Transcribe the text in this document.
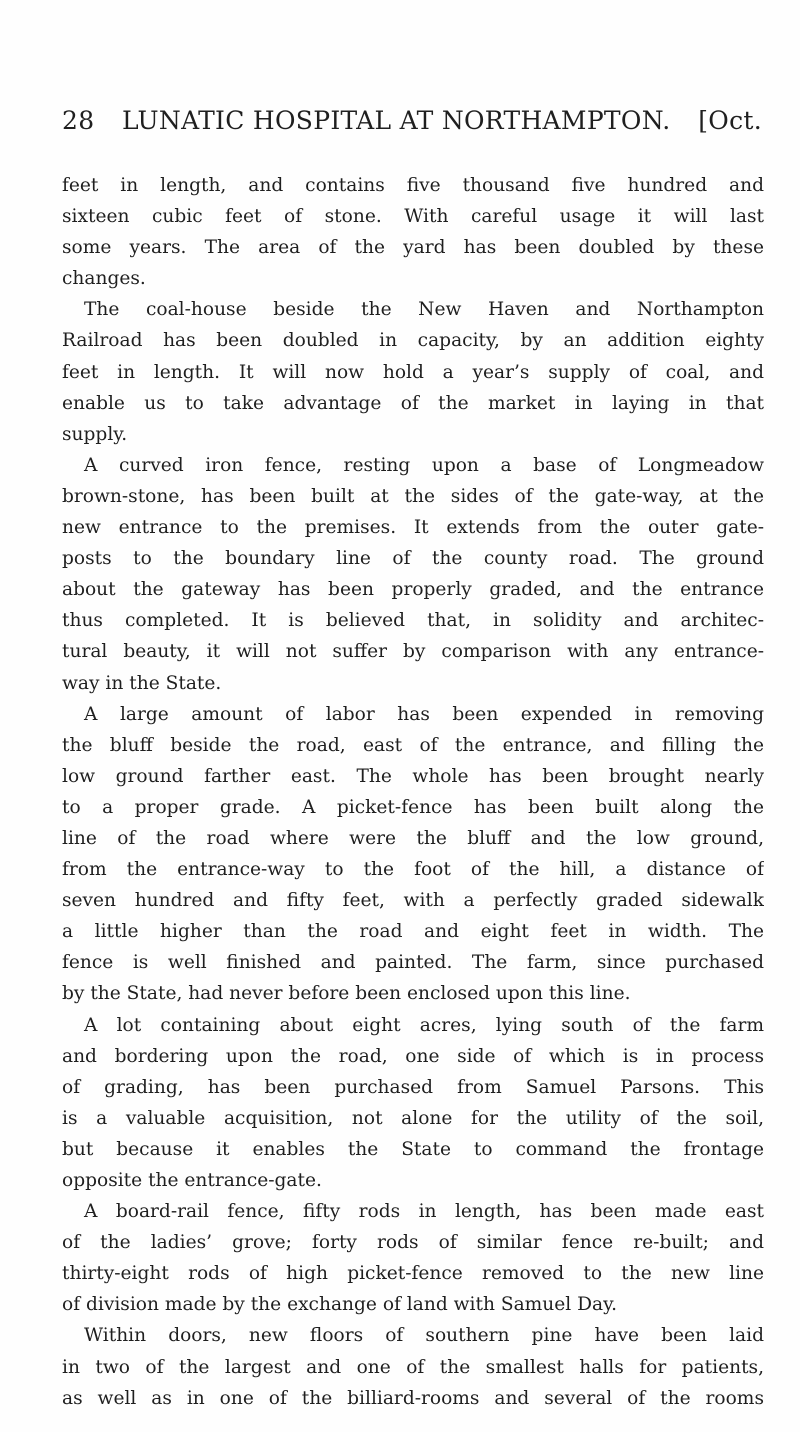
28 LUNATIC HOSPITAL AT NORTHAMPTON. [Oct.
feet in length, and contains five thousand five hundred and
sixteen cubic feet of stone. With careful usage it will last
some years. The area of the yard has been doubled by these
changes.
The coal-house beside the New Haven and Northampton
Railroad has been doubled in capacity, by an addition eighty
feet in length. It will now hold a year’s supply of coal, and
enable us to take advantage of the market in laying in that
supply.
A curved iron fence, resting upon a base of Longmeadow
brown-stone, has been built at the sides of the gate-way, at the
new entrance to the premises. It extends from the outer gate-
posts to the boundary line of the county road. The ground
about the gateway has been properly graded, and the entrance
thus completed. It is believed that, in solidity and architec-
tural beauty, it will not suffer by comparison with any entrance-
way in the State.
A large amount of labor has been expended in removing
the bluff beside the road, east of the entrance, and filling the
low ground farther east. The whole has been brought nearly
to a proper grade. A picket-fence has been built along the
line of the road where were the bluff and the low ground,
from the entrance-way to the foot of the hill, a distance of
seven hundred and fifty feet, with a perfectly graded sidewalk
a little higher than the road and eight feet in width. The
fence is well finished and painted. The farm, since purchased
by the State, had never before been enclosed upon this line.
A lot containing about eight acres, lying south of the farm
and bordering upon the road, one side of which is in process
of grading, has been purchased from Samuel Parsons. This
is a valuable acquisition, not alone for the utility of the soil,
but because it enables the State to command the frontage
opposite the entrance-gate.
A board-rail fence, fifty rods in length, has been made east
of the ladies’ grove; forty rods of similar fence re-built; and
thirty-eight rods of high picket-fence removed to the new line
of division made by the exchange of land with Samuel Day.
Within doors, new floors of southern pine have been laid
in two of the largest and one of the smallest halls for patients,
as well as in one of the billiard-rooms and several of the rooms
